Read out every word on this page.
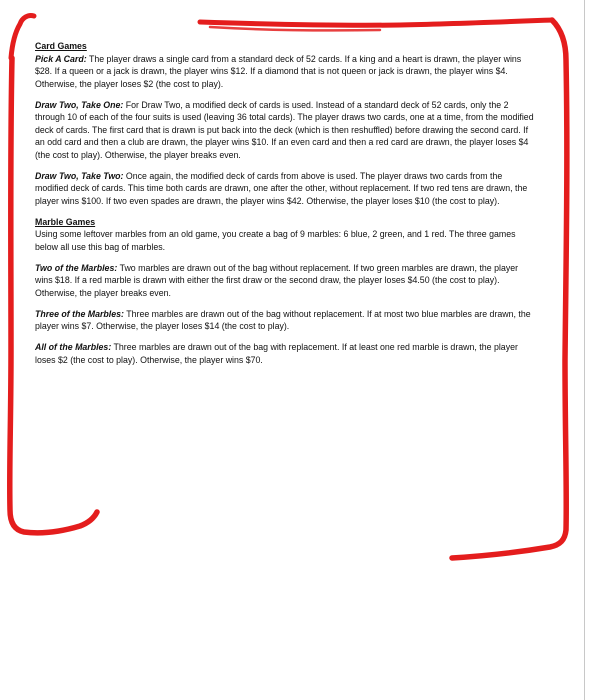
Card Games
Pick A Card: The player draws a single card from a standard deck of 52 cards. If a king and a heart is drawn, the player wins $28. If a queen or a jack is drawn, the player wins $12. If a diamond that is not queen or jack is drawn, the player wins $4. Otherwise, the player loses $2 (the cost to play).

Draw Two, Take One: For Draw Two, a modified deck of cards is used. Instead of a standard deck of 52 cards, only the 2 through 10 of each of the four suits is used (leaving 36 total cards). The player draws two cards, one at a time, from the modified deck of cards. The first card that is drawn is put back into the deck (which is then reshuffled) before drawing the second card. If an odd card and then a club are drawn, the player wins $10. If an even card and then a red card are drawn, the player loses $4 (the cost to play). Otherwise, the player breaks even.

Draw Two, Take Two: Once again, the modified deck of cards from above is used. The player draws two cards from the modified deck of cards. This time both cards are drawn, one after the other, without replacement. If two red tens are drawn, the player wins $100. If two even spades are drawn, the player wins $42. Otherwise, the player loses $10 (the cost to play).

Marble Games
Using some leftover marbles from an old game, you create a bag of 9 marbles: 6 blue, 2 green, and 1 red. The three games below all use this bag of marbles.

Two of the Marbles: Two marbles are drawn out of the bag without replacement. If two green marbles are drawn, the player wins $18. If a red marble is drawn with either the first draw or the second draw, the player loses $4.50 (the cost to play). Otherwise, the player breaks even.

Three of the Marbles: Three marbles are drawn out of the bag without replacement. If at most two blue marbles are drawn, the player wins $7. Otherwise, the player loses $14 (the cost to play).

All of the Marbles: Three marbles are drawn out of the bag with replacement. If at least one red marble is drawn, the player loses $2 (the cost to play). Otherwise, the player wins $70.
